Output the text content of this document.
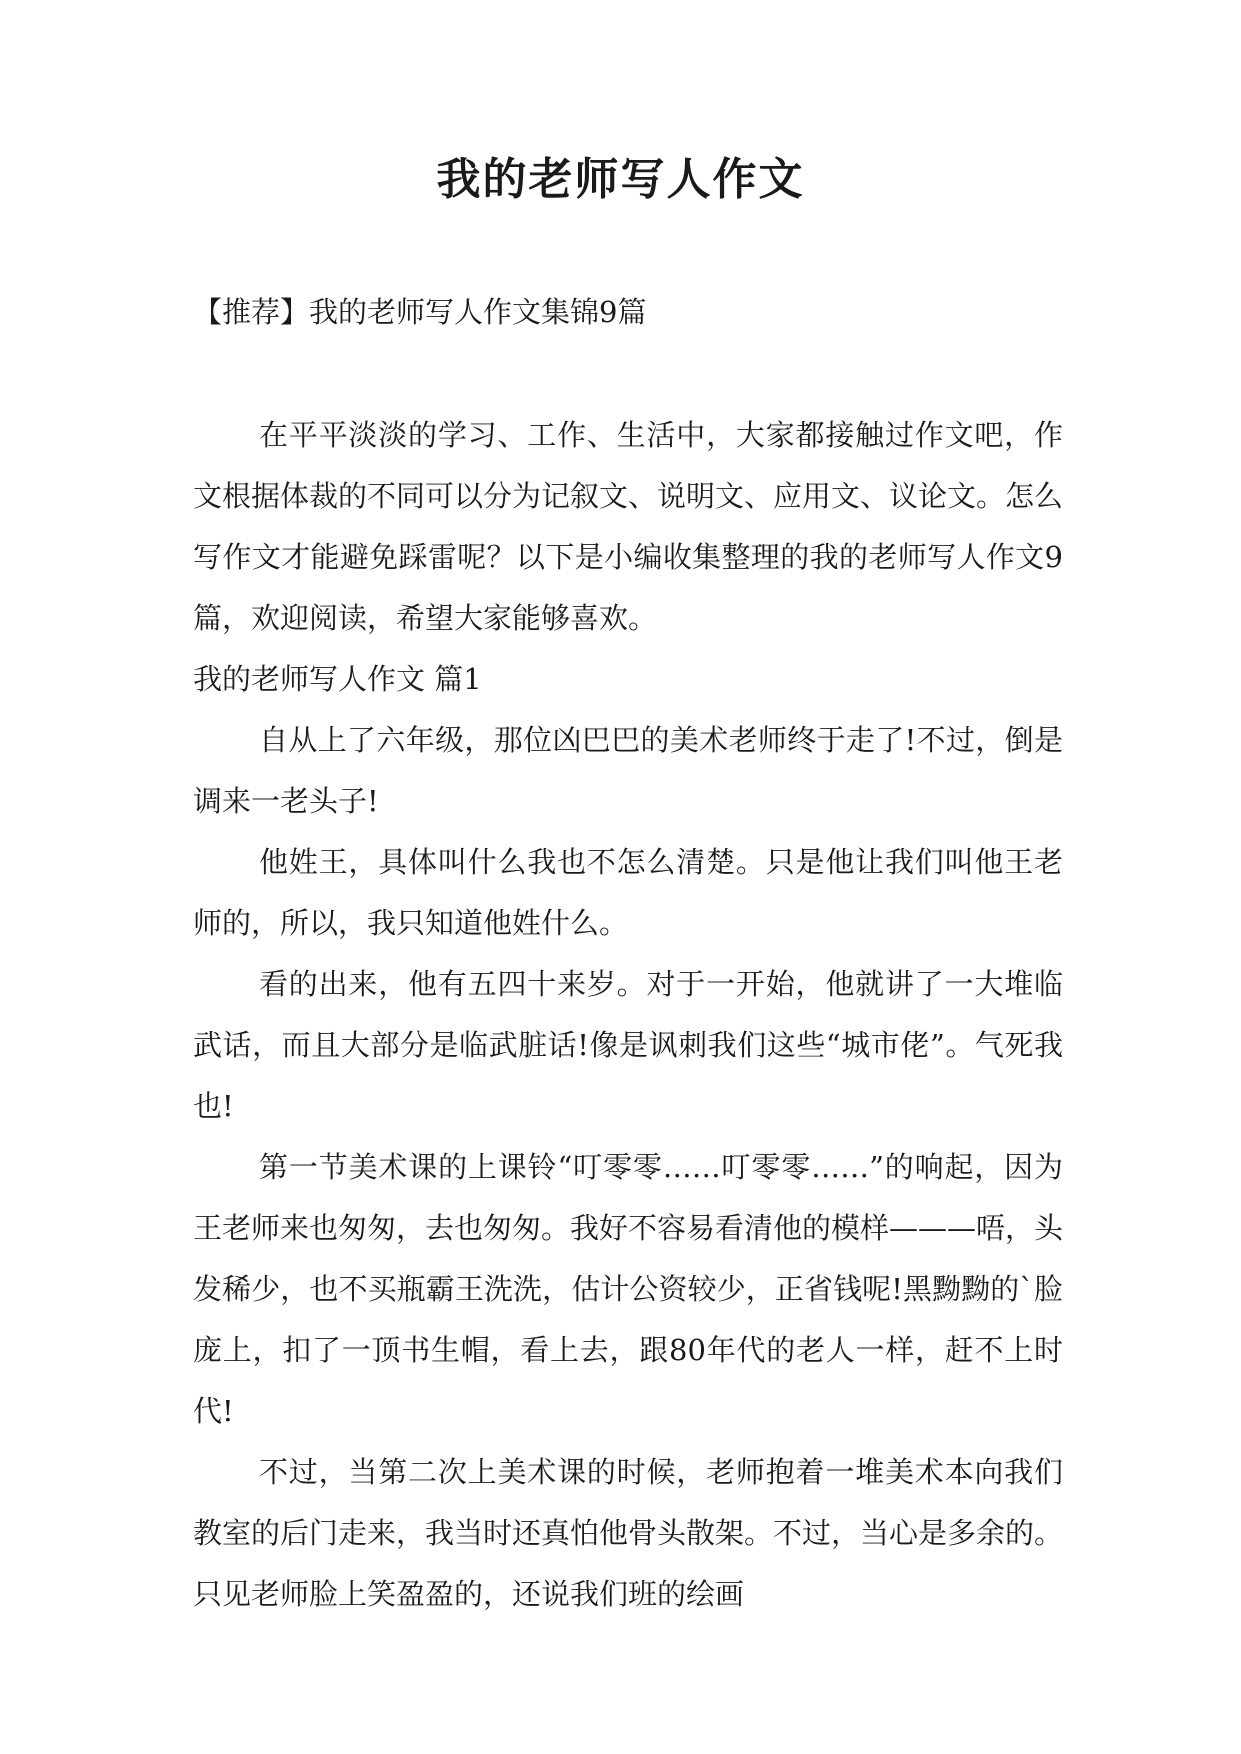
我的老师写人作文

【推荐】我的老师写人作文集锦9篇

在平平淡淡的学习、工作、生活中，大家都接触过作文吧，作文根据体裁的不同可以分为记叙文、说明文、应用文、议论文。怎么写作文才能避免踩雷呢？以下是小编收集整理的我的老师写人作文9篇，欢迎阅读，希望大家能够喜欢。

我的老师写人作文 篇1

自从上了六年级，那位凶巴巴的美术老师终于走了!不过，倒是调来一老头子!

他姓王，具体叫什么我也不怎么清楚。只是他让我们叫他王老师的，所以，我只知道他姓什么。

看的出来，他有五四十来岁。对于一开始，他就讲了一大堆临武话，而且大部分是临武脏话!像是讽刺我们这些“城市佬”。气死我也!

第一节美术课的上课铃“叮零零……叮零零……”的响起，因为王老师来也匆匆，去也匆匆。我好不容易看清他的模样———唔，头发稀少，也不买瓶霸王洗洗，估计公资较少，正省钱呢!黑黝黝的`脸庞上，扣了一顶书生帽，看上去，跟80年代的老人一样，赶不上时代!

不过，当第二次上美术课的时候，老师抱着一堆美术本向我们教室的后门走来，我当时还真怕他骨头散架。不过，当心是多余的。只见老师脸上笑盈盈的，还说我们班的绘画
